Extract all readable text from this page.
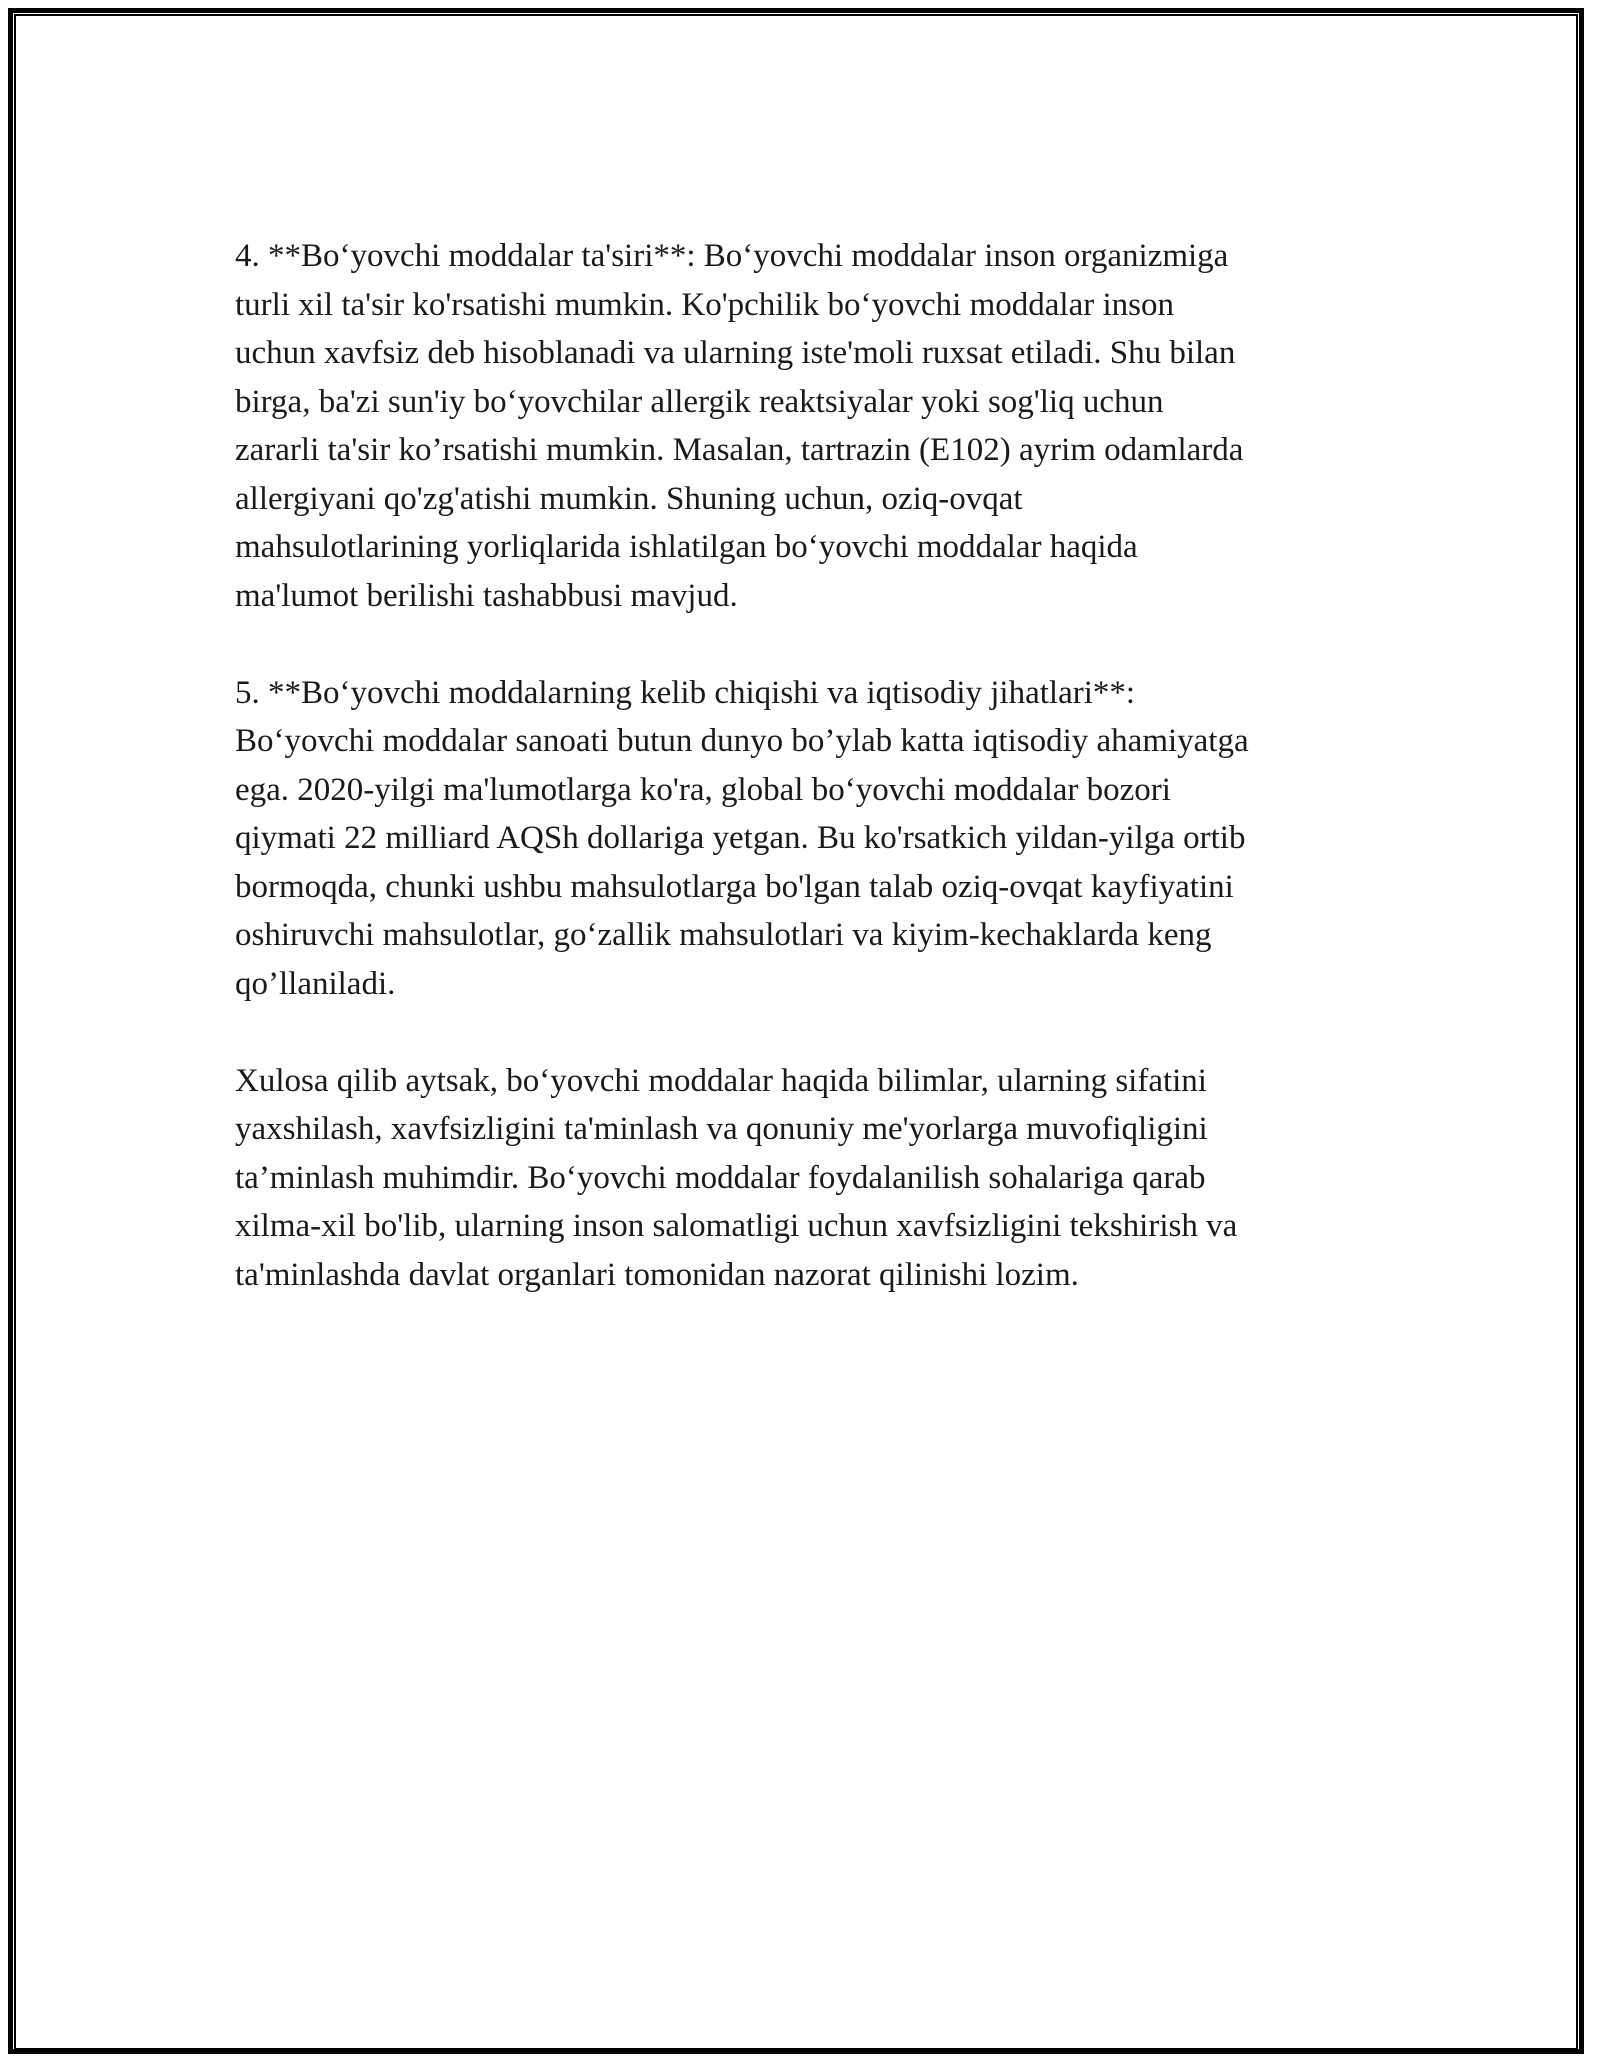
4. **Bo‘yovchi moddalar ta'siri**: Bo‘yovchi moddalar inson organizmiga
turli xil ta'sir ko'rsatishi mumkin. Ko'pchilik bo‘yovchi moddalar inson
uchun xavfsiz deb hisoblanadi va ularning iste'moli ruxsat etiladi. Shu bilan
birga, ba'zi sun'iy bo‘yovchilar allergik reaktsiyalar yoki sog'liq uchun
zararli ta'sir ko’rsatishi mumkin. Masalan, tartrazin (E102) ayrim odamlarda
allergiyani qo'zg'atishi mumkin. Shuning uchun, oziq-ovqat
mahsulotlarining yorliqlarida ishlatilgan bo‘yovchi moddalar haqida
ma'lumot berilishi tashabbusi mavjud.

5. **Bo‘yovchi moddalarning kelib chiqishi va iqtisodiy jihatlari**:
Bo‘yovchi moddalar sanoati butun dunyo bo’ylab katta iqtisodiy ahamiyatga
ega. 2020-yilgi ma'lumotlarga ko'ra, global bo‘yovchi moddalar bozori
qiymati 22 milliard AQSh dollariga yetgan. Bu ko'rsatkich yildan-yilga ortib
bormoqda, chunki ushbu mahsulotlarga bo'lgan talab oziq-ovqat kayfiyatini
oshiruvchi mahsulotlar, go‘zallik mahsulotlari va kiyim-kechaklarda keng
qo’llaniladi.

Xulosa qilib aytsak, bo‘yovchi moddalar haqida bilimlar, ularning sifatini
yaxshilash, xavfsizligini ta'minlash va qonuniy me'yorlarga muvofiqligini
ta’minlash muhimdir. Bo‘yovchi moddalar foydalanilish sohalariga qarab
xilma-xil bo'lib, ularning inson salomatligi uchun xavfsizligini tekshirish va
ta'minlashda davlat organlari tomonidan nazorat qilinishi lozim.
